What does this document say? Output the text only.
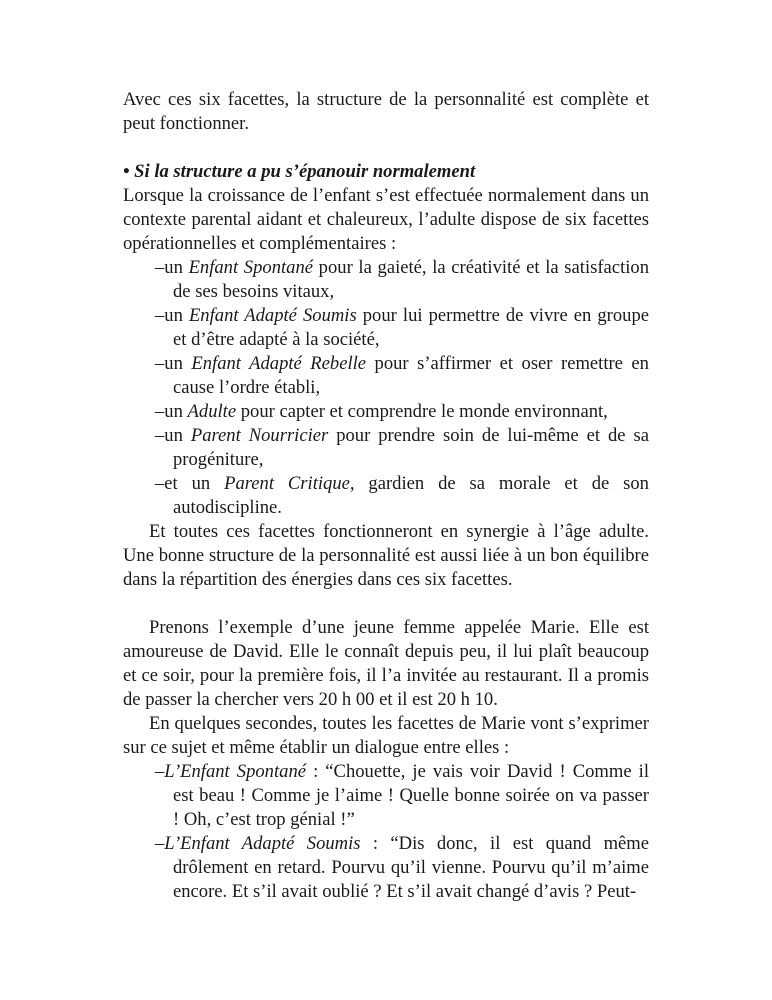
Avec ces six facettes, la structure de la personnalité est complète et peut fonctionner.

• Si la structure a pu s’épanouir normalement

Lorsque la croissance de l’enfant s’est effectuée normalement dans un contexte parental aidant et chaleureux, l’adulte dispose de six facettes opérationnelles et complémentaires :

–un Enfant Spontané pour la gaieté, la créativité et la satisfaction de ses besoins vitaux,
–un Enfant Adapté Soumis pour lui permettre de vivre en groupe et d’être adapté à la société,
–un Enfant Adapté Rebelle pour s’affirmer et oser remettre en cause l’ordre établi,
–un Adulte pour capter et comprendre le monde environnant,
–un Parent Nourricier pour prendre soin de lui-même et de sa progéniture,
–et un Parent Critique, gardien de sa morale et de son autodiscipline.

Et toutes ces facettes fonctionneront en synergie à l’âge adulte. Une bonne structure de la personnalité est aussi liée à un bon équilibre dans la répartition des énergies dans ces six facettes.

Prenons l’exemple d’une jeune femme appelée Marie. Elle est amoureuse de David. Elle le connaît depuis peu, il lui plaît beaucoup et ce soir, pour la première fois, il l’a invitée au restaurant. Il a promis de passer la chercher vers 20 h 00 et il est 20 h 10.

En quelques secondes, toutes les facettes de Marie vont s’exprimer sur ce sujet et même établir un dialogue entre elles :

–L’Enfant Spontané : “Chouette, je vais voir David ! Comme il est beau ! Comme je l’aime ! Quelle bonne soirée on va passer ! Oh, c’est trop génial !”
–L’Enfant Adapté Soumis : “Dis donc, il est quand même drôlement en retard. Pourvu qu’il vienne. Pourvu qu’il m’aime encore. Et s’il avait oublié ? Et s’il avait changé d’avis ? Peut-
